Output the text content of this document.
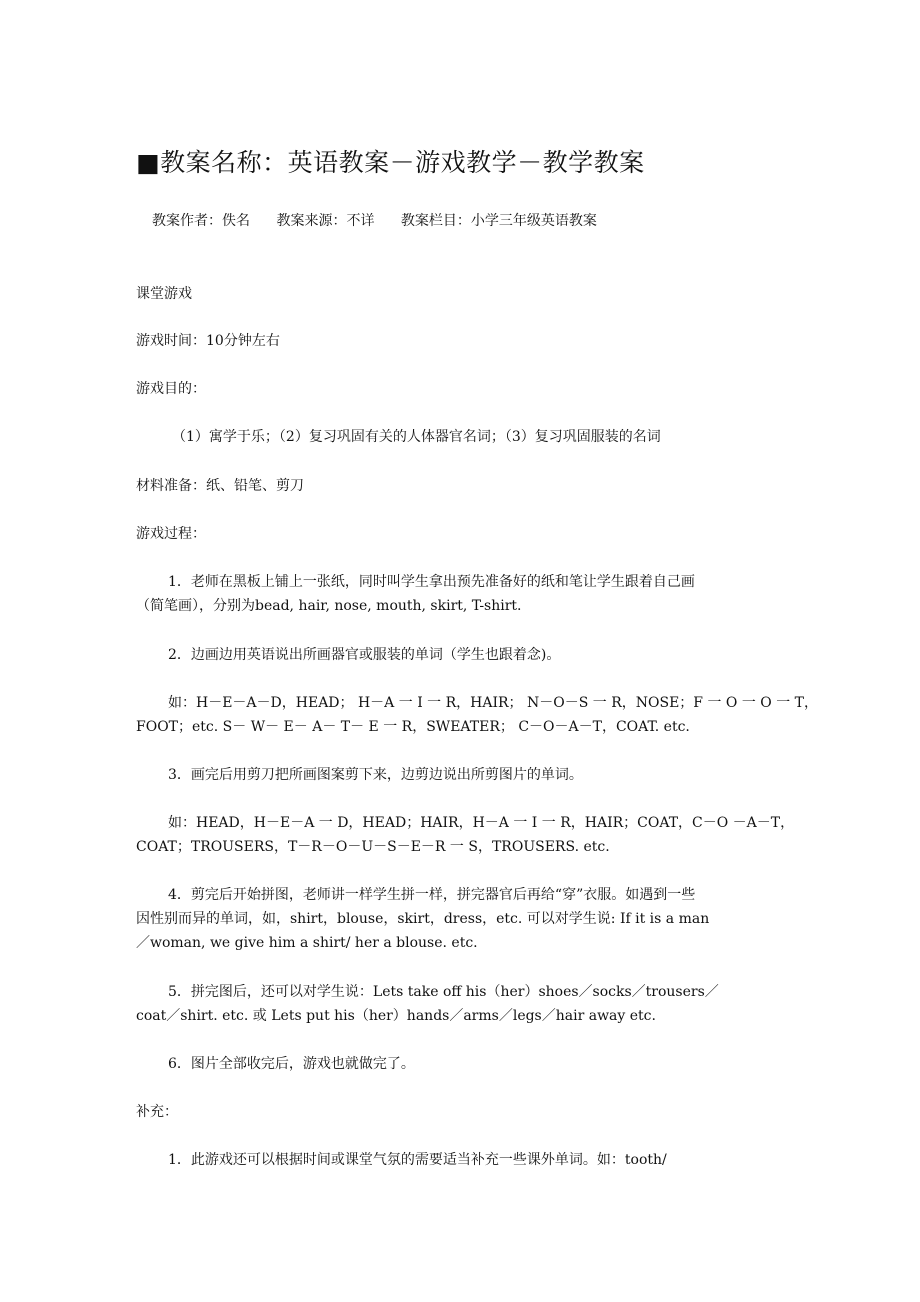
■教案名称：英语教案－游戏教学－教学教案
教案作者：佚名 教案来源：不详 教案栏目：小学三年级英语教案
课堂游戏
游戏时间：10分钟左右
游戏目的：
（1）寓学于乐；（2）复习巩固有关的人体器官名词；（3）复习巩固服装的名词
材料准备：纸、铅笔、剪刀
游戏过程：
1．老师在黑板上铺上一张纸，同时叫学生拿出预先准备好的纸和笔让学生跟着自己画
（简笔画），分别为bead, hair, nose, mouth, skirt, T-shirt.
2．边画边用英语说出所画器官或服装的单词（学生也跟着念)。
如：H－E－A－D，HEAD； H－A 一 I 一 R，HAIR； N－O－S 一 R，NOSE；F 一 O 一 O 一 T，
FOOT；etc. S－ W－ E－ A－ T－ E 一 R，SWEATER； C－O－A－T，COAT. etc.
3．画完后用剪刀把所画图案剪下来，边剪边说出所剪图片的单词。
如：HEAD，H－E－A 一 D，HEAD；HAIR，H－A 一 I 一 R，HAIR；COAT，C－O －A－T，
COAT；TROUSERS，T－R－O－U－S－E－R 一 S，TROUSERS. etc.
4．剪完后开始拼图，老师讲一样学生拼一样，拼完器官后再给“穿”衣服。如遇到一些
因性别而异的单词，如，shirt，blouse，skirt，dress，etc. 可以对学生说: If it is a man
／woman, we give him a shirt/ her a blouse. etc.
5．拼完图后，还可以对学生说：Lets take off his（her）shoes／socks／trousers／
coat／shirt. etc. 或 Lets put his（her）hands／arms／legs／hair away etc.
6．图片全部收完后，游戏也就做完了。
补充：
1．此游戏还可以根据时间或课堂气氛的需要适当补充一些课外单词。如：tooth/
